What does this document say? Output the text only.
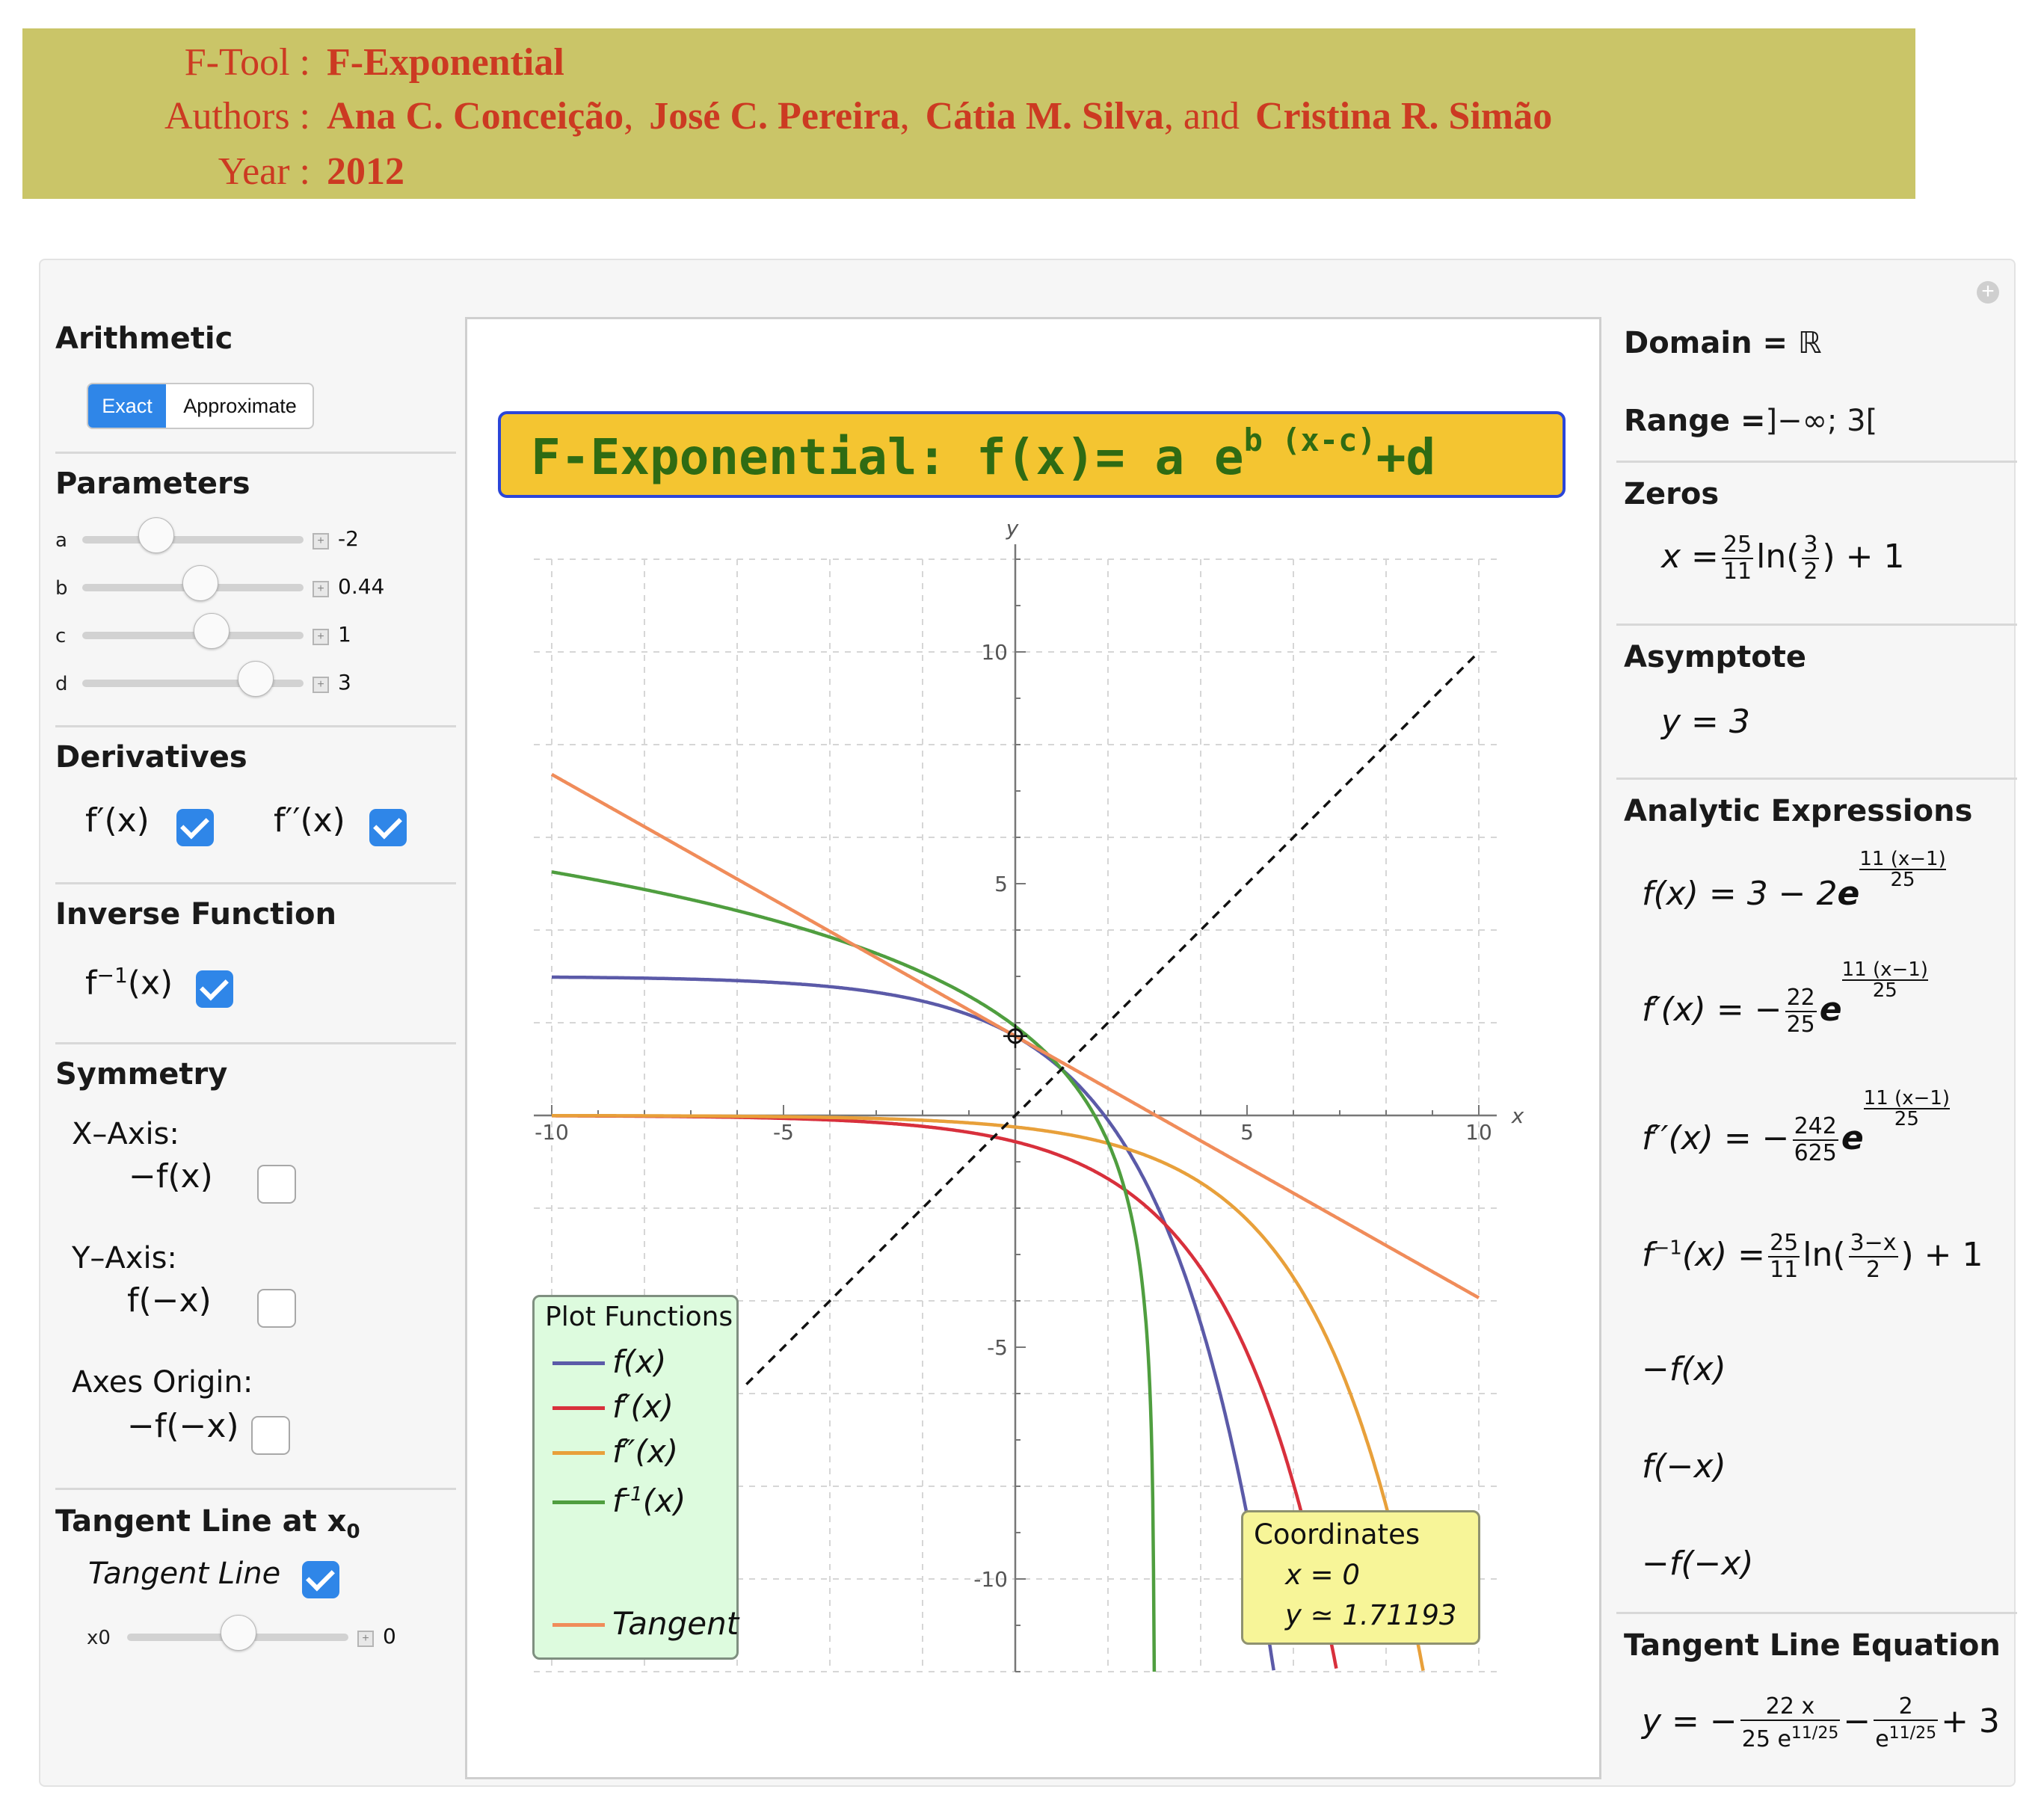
F-Tool : F-Exponential
Authors : Ana C. Conceição, José C. Pereira, Cátia M. Silva, and Cristina R. Simão
Year : 2012
+
Arithmetic
Exact	Approximate
Parameters
a	+ -2
b	+ 0.44
c	+ 1
d	+ 3
Derivatives
f′(x)	f′′(x)
Inverse Function
$f^{-1}(x)$
Symmetry
X–Axis:
−f(x)
Y–Axis:
f(−x)
Axes Origin:
−f(−x)
Tangent Line at $x_0$
Tangent Line
x0	+ 0
-10	-5	5	10
10
5
-5
-10
x
y
F-Exponential: f(x)= a $e^{b (x-c)}+d$
Plot Functions
f(x)
f′(x)
f″(x)
$f^{-1}(x)$
Tangent
Coordinates
x = 0
y ≃ 1.71193
Domain = ℝ
Range =]−∞; 3[
Zeros
$x = \frac{25}{11} \ln( \frac{3}{2}$ ) + 1
Asymptote
y = 3
Analytic Expressions
f(x) = 3 − 2e
$\frac{11 (x-1)}{25}$
f′(x) = − $\frac{22}{25}$ e
$\frac{11 (x-1)}{25}$
f′′(x) = − $\frac{242}{625}$ e
$\frac{11 (x-1)}{25}$
$f^{-1}(x) = \frac{25}{11} \ln( \frac{3-x}{2}$ ) + 1
−f(x)
f(−x)
−f(−x)
Tangent Line Equation
y = − $\frac{22 x}{25 e^{11/25}} - \frac{2}{e^{11/25}} + 3$
